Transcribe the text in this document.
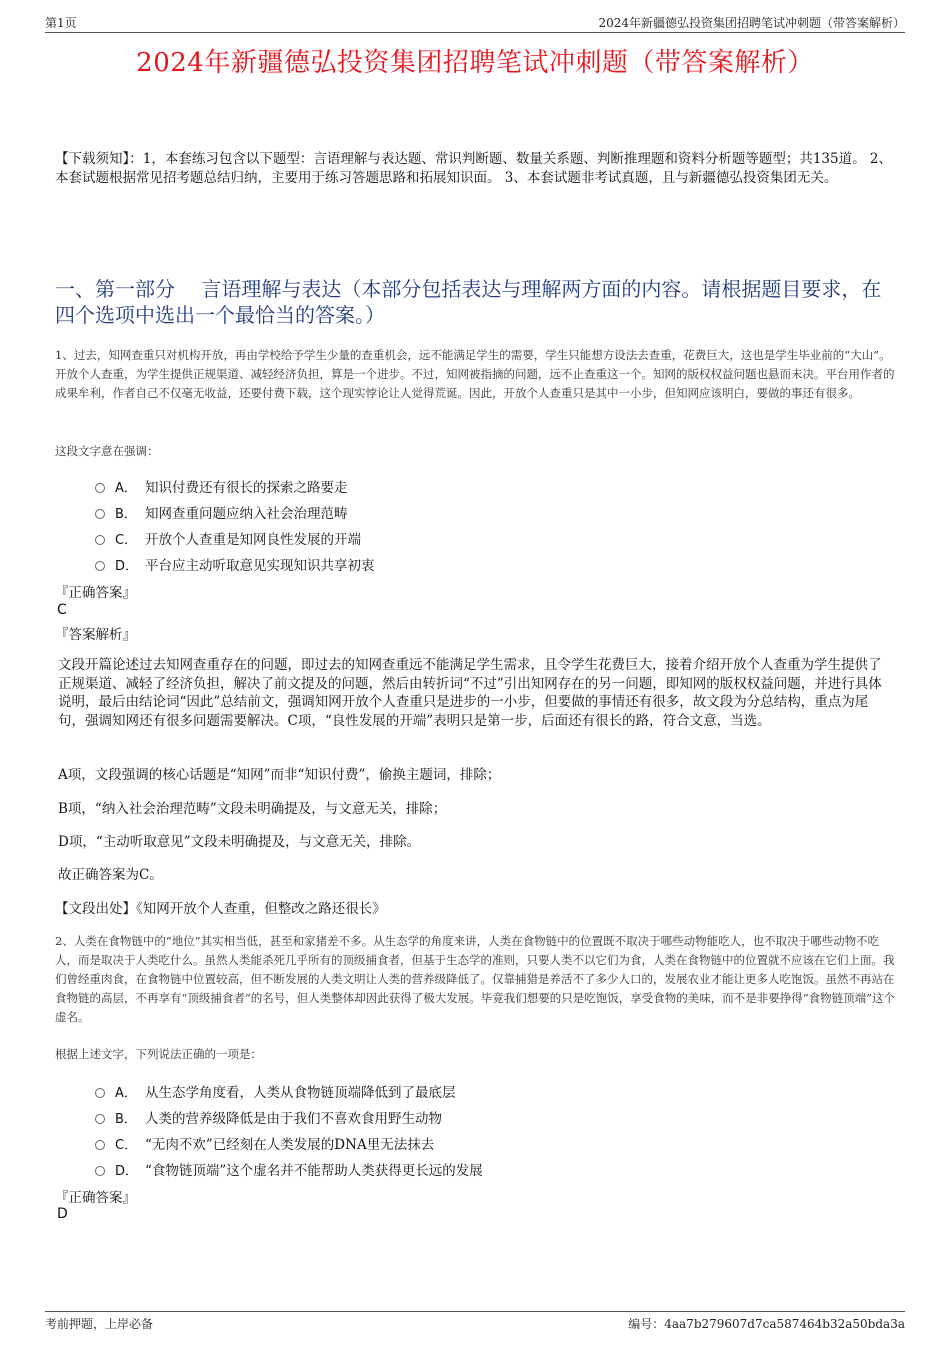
第1页	2024年新疆德弘投资集团招聘笔试冲刺题（带答案解析）
2024年新疆德弘投资集团招聘笔试冲刺题（带答案解析）
【下载须知】：1，本套练习包含以下题型：言语理解与表达题、常识判断题、数量关系题、判断推理题和资料分析题等题型；共135道。 2、本套试题根据常见招考题总结归纳，主要用于练习答题思路和拓展知识面。 3、本套试题非考试真题，且与新疆德弘投资集团无关。
一、第一部分　 言语理解与表达（本部分包括表达与理解两方面的内容。请根据题目要求，在四个选项中选出一个最恰当的答案。）
1、过去，知网查重只对机构开放，再由学校给予学生少量的查重机会，远不能满足学生的需要，学生只能想方设法去查重，花费巨大，这也是学生毕业前的“大山”。开放个人查重，为学生提供正规渠道、减轻经济负担，算是一个进步。不过，知网被指摘的问题，远不止查重这一个。知网的版权权益问题也悬而未决。平台用作者的成果牟利，作者自己不仅毫无收益，还要付费下载，这个现实悖论让人觉得荒诞。因此，开放个人查重只是其中一小步，但知网应该明白，要做的事还有很多。
这段文字意在强调：
A． 知识付费还有很长的探索之路要走
B． 知网查重问题应纳入社会治理范畴
C． 开放个人查重是知网良性发展的开端
D． 平台应主动听取意见实现知识共享初衷
『正确答案』
C
『答案解析』
文段开篇论述过去知网查重存在的问题，即过去的知网查重远不能满足学生需求，且令学生花费巨大，接着介绍开放个人查重为学生提供了正规渠道、减轻了经济负担，解决了前文提及的问题，然后由转折词“不过”引出知网存在的另一问题，即知网的版权权益问题，并进行具体说明，最后由结论词“因此”总结前文，强调知网开放个人查重只是进步的一小步，但要做的事情还有很多，故文段为分总结构，重点为尾句，强调知网还有很多问题需要解决。C项，“良性发展的开端”表明只是第一步，后面还有很长的路，符合文意，当选。
A项，文段强调的核心话题是“知网”而非“知识付费”，偷换主题词，排除；
B项，“纳入社会治理范畴”文段未明确提及，与文意无关，排除；
D项，“主动听取意见”文段未明确提及，与文意无关，排除。
故正确答案为C。
【文段出处】《知网开放个人查重，但整改之路还很长》
2、人类在食物链中的“地位”其实相当低，甚至和家猪差不多。从生态学的角度来讲，人类在食物链中的位置既不取决于哪些动物能吃人，也不取决于哪些动物不吃人，而是取决于人类吃什么。虽然人类能杀死几乎所有的顶级捕食者，但基于生态学的准则，只要人类不以它们为食，人类在食物链中的位置就不应该在它们上面。我们曾经重肉食，在食物链中位置较高，但不断发展的人类文明让人类的营养级降低了。仅靠捕猎是养活不了多少人口的，发展农业才能让更多人吃饱饭。虽然不再站在食物链的高层，不再享有“顶级捕食者”的名号，但人类整体却因此获得了极大发展。毕竟我们想要的只是吃饱饭，享受食物的美味，而不是非要挣得“食物链顶端”这个虚名。
根据上述文字，下列说法正确的一项是：
A． 从生态学角度看，人类从食物链顶端降低到了最底层
B． 人类的营养级降低是由于我们不喜欢食用野生动物
C． “无肉不欢”已经刻在人类发展的DNA里无法抹去
D． “食物链顶端”这个虚名并不能帮助人类获得更长远的发展
『正确答案』
D
考前押题，上岸必备	编号：4aa7b279607d7ca587464b32a50bda3a
